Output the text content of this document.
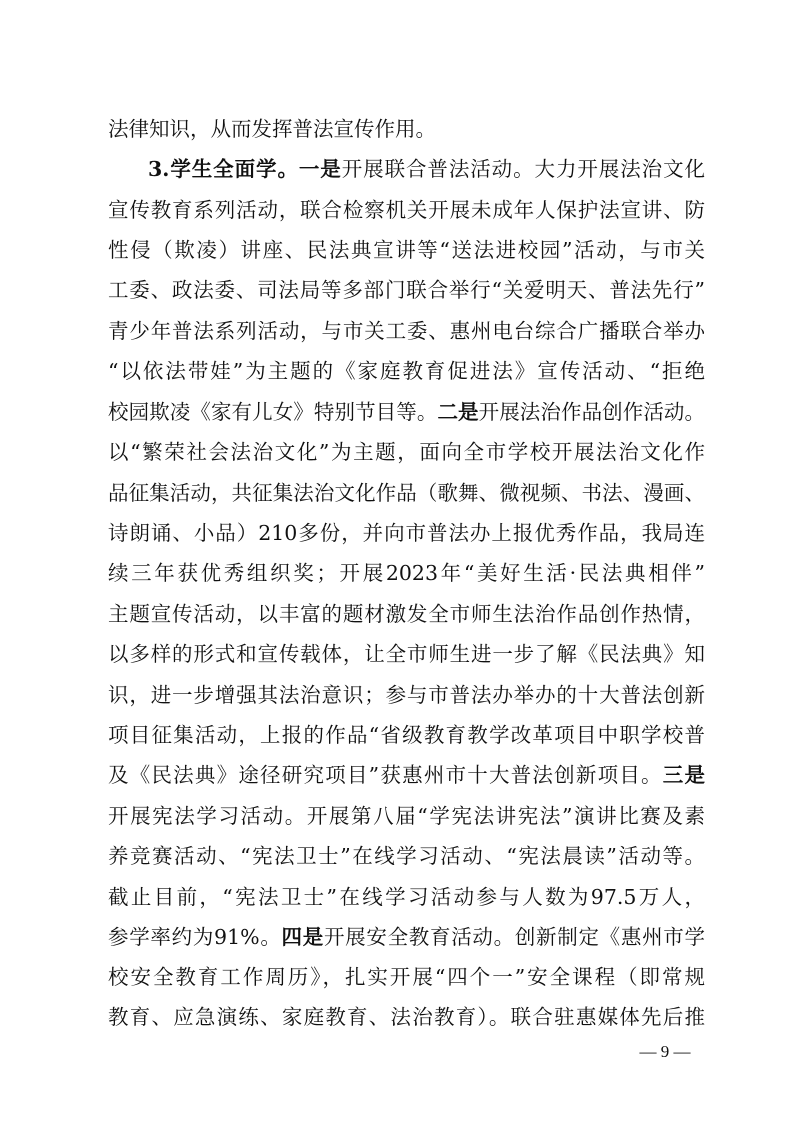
法律知识，从而发挥普法宣传作用。
3.学生全面学。一是开展联合普法活动。大力开展法治文化
宣传教育系列活动，联合检察机关开展未成年人保护法宣讲、防
性侵（欺凌）讲座、民法典宣讲等“送法进校园”活动，与市关
工委、政法委、司法局等多部门联合举行“关爱明天、普法先行”
青少年普法系列活动，与市关工委、惠州电台综合广播联合举办
“以依法带娃”为主题的《家庭教育促进法》宣传活动、“拒绝
校园欺凌《家有儿女》特别节目等。二是开展法治作品创作活动。
以“繁荣社会法治文化”为主题，面向全市学校开展法治文化作
品征集活动，共征集法治文化作品（歌舞、微视频、书法、漫画、
诗朗诵、小品）210多份，并向市普法办上报优秀作品，我局连
续三年获优秀组织奖；开展2023年“美好生活·民法典相伴”
主题宣传活动，以丰富的题材激发全市师生法治作品创作热情，
以多样的形式和宣传载体，让全市师生进一步了解《民法典》知
识，进一步增强其法治意识；参与市普法办举办的十大普法创新
项目征集活动，上报的作品“省级教育教学改革项目中职学校普
及《民法典》途径研究项目”获惠州市十大普法创新项目。三是
开展宪法学习活动。开展第八届“学宪法讲宪法”演讲比赛及素
养竞赛活动、“宪法卫士”在线学习活动、“宪法晨读”活动等。
截止目前，“宪法卫士”在线学习活动参与人数为97.5万人，
参学率约为91%。四是开展安全教育活动。创新制定《惠州市学
校安全教育工作周历》，扎实开展“四个一”安全课程（即常规
教育、应急演练、家庭教育、法治教育）。联合驻惠媒体先后推
— 9 —
